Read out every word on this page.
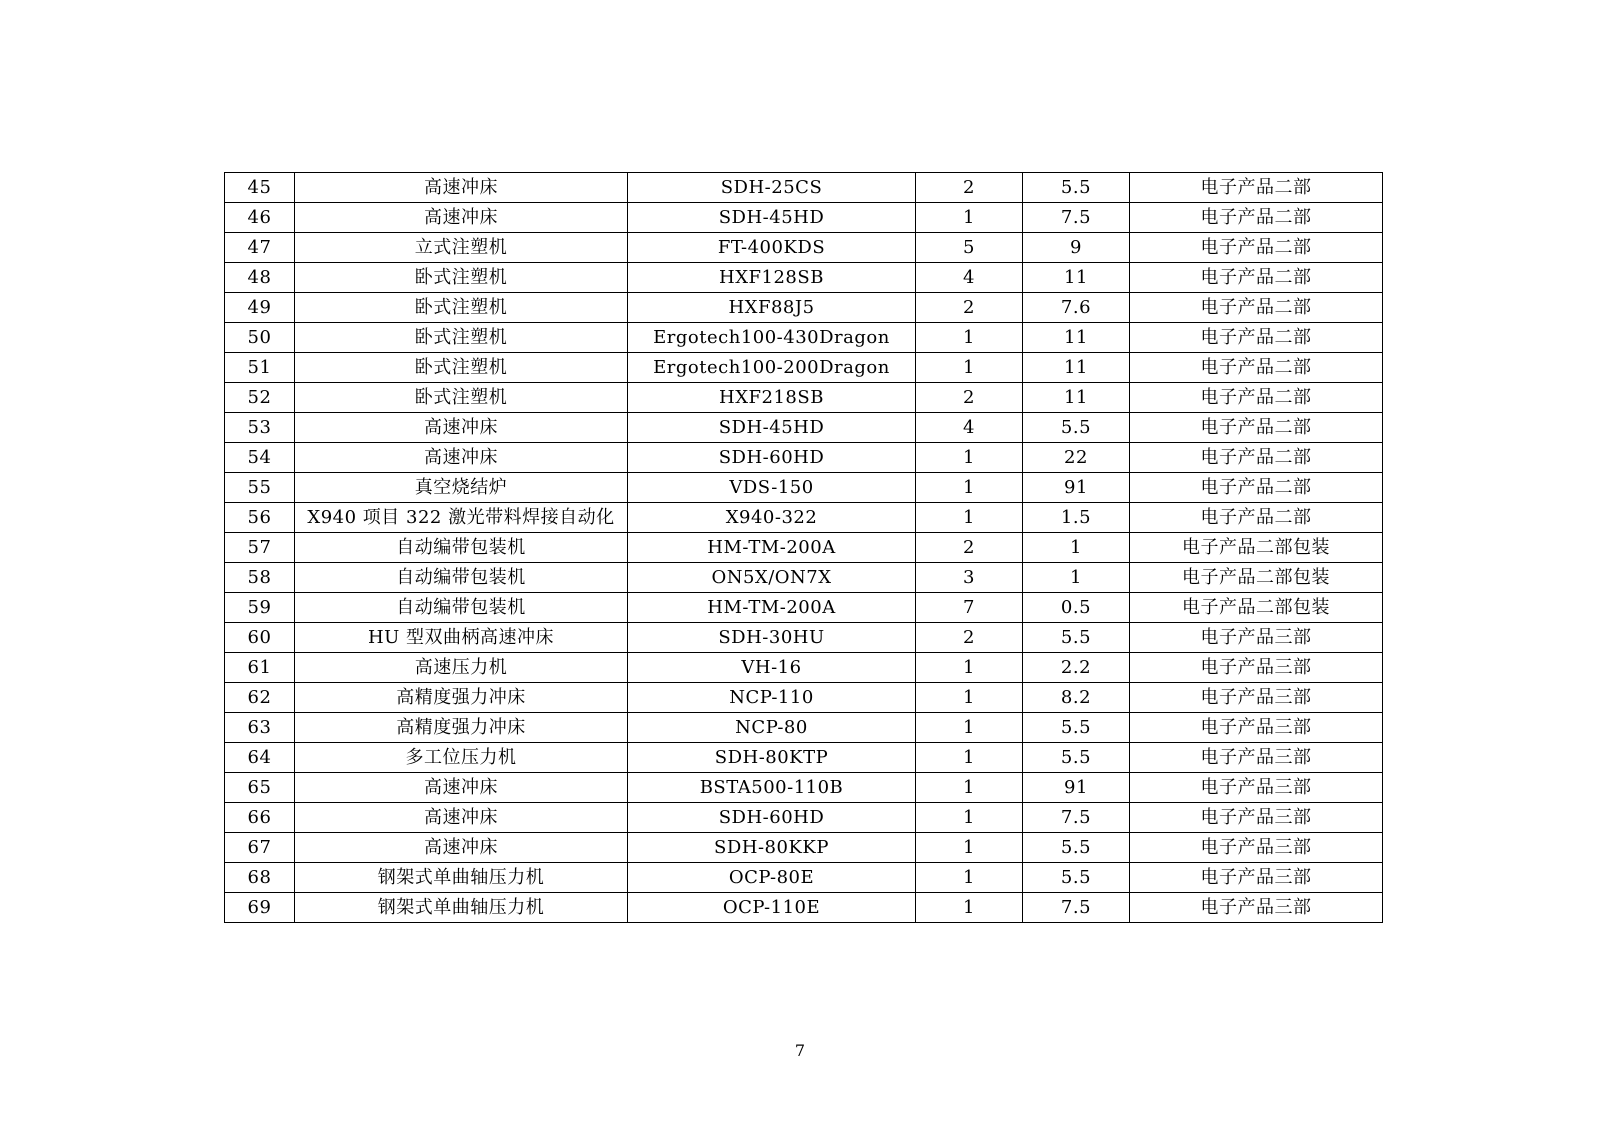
45	高速冲床	SDH-25CS	2	5.5	电子产品二部
46	高速冲床	SDH-45HD	1	7.5	电子产品二部
47	立式注塑机	FT-400KDS	5	9	电子产品二部
48	卧式注塑机	HXF128SB	4	11	电子产品二部
49	卧式注塑机	HXF88J5	2	7.6	电子产品二部
50	卧式注塑机	Ergotech100-430Dragon	1	11	电子产品二部
51	卧式注塑机	Ergotech100-200Dragon	1	11	电子产品二部
52	卧式注塑机	HXF218SB	2	11	电子产品二部
53	高速冲床	SDH-45HD	4	5.5	电子产品二部
54	高速冲床	SDH-60HD	1	22	电子产品二部
55	真空烧结炉	VDS-150	1	91	电子产品二部
56	X940 项目 322 激光带料焊接自动化	X940-322	1	1.5	电子产品二部
57	自动编带包装机	HM-TM-200A	2	1	电子产品二部包装
58	自动编带包装机	ON5X/ON7X	3	1	电子产品二部包装
59	自动编带包装机	HM-TM-200A	7	0.5	电子产品二部包装
60	HU 型双曲柄高速冲床	SDH-30HU	2	5.5	电子产品三部
61	高速压力机	VH-16	1	2.2	电子产品三部
62	高精度强力冲床	NCP-110	1	8.2	电子产品三部
63	高精度强力冲床	NCP-80	1	5.5	电子产品三部
64	多工位压力机	SDH-80KTP	1	5.5	电子产品三部
65	高速冲床	BSTA500-110B	1	91	电子产品三部
66	高速冲床	SDH-60HD	1	7.5	电子产品三部
67	高速冲床	SDH-80KKP	1	5.5	电子产品三部
68	钢架式单曲轴压力机	OCP-80E	1	5.5	电子产品三部
69	钢架式单曲轴压力机	OCP-110E	1	7.5	电子产品三部
7
